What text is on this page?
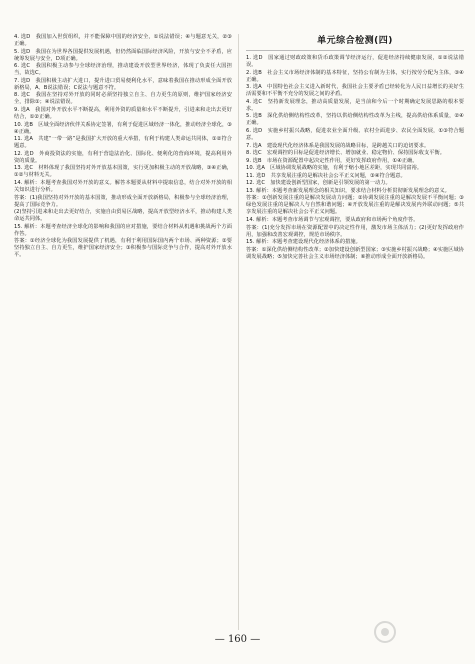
4. 选D　我国加入世贸组织，并不能保障中国的经济安全，①说法错误；④与题意无关，②③正确。

5. 选D　我国在为世界各国提供发展机遇，但仍然面临国际经济风险，开放与安全不矛盾，应统筹发展与安全，D项正确。

6. 选C　我国积极主动参与全球经济治理，推动建设开放型世界经济，体现了负责任大国担当，故选C。

7. 选D　我国积极主动扩大进口，提升进口贸易便利化水平，意味着我国在推动形成全面开放新格局，A、B说法错误；C说法与题意不符。

8. 选C　我国在坚持对外开放的同时必须坚持独立自主、自力更生的原则，维护国家经济安全，排除①；④说法错误。

9. 选A　我国对外开放水平不断提高，利用外资的质量和水平不断提升，引进来和走出去更好结合，①②正确。

10. 选B　区域全面经济伙伴关系协定签署，有利于促进区域经济一体化，推动经济全球化，③④正确。

11. 选A　共建“一带一路”是我国扩大开放的重大举措，有利于构建人类命运共同体，①②符合题意。

12. 选D　外商投资法的实施，有利于营造法治化、国际化、便利化的营商环境，提高利用外资的质量。

13. 选C　材料体现了我国坚持对外开放基本国策，实行更加积极主动的开放战略，③④正确，①②与材料无关。

14. 解析：本题考查我国对外开放的意义。解答本题要从材料中提取信息，结合对外开放的相关知识进行分析。

答案：(1)我国坚持对外开放的基本国策，推动形成全面开放新格局，积极参与全球经济治理，提高了国际竞争力。

(2)坚持引进来和走出去更好结合，实施自由贸易区战略，提高开放型经济水平，推动构建人类命运共同体。

15. 解析：本题考查经济全球化的影响和我国的应对措施，要结合材料从机遇和挑战两个方面作答。

答案：①经济全球化为我国发展提供了机遇，有利于利用国际国内两个市场、两种资源；②要坚持独立自主、自力更生，维护国家经济安全；③积极参与国际竞争与合作，提高对外开放水平。

单元综合检测(四)

1. 选D　国家通过财政政策和货币政策调节经济运行，促进经济持续健康发展，①②说法错误。

2. 选B　社会主义市场经济体制的基本特征，坚持公有制为主体，实行按劳分配为主体，③④正确。

3. 选A　中国特色社会主义进入新时代，我国社会主要矛盾已经转化为人民日益增长的美好生活需要和不平衡不充分的发展之间的矛盾。

4. 选C　坚持新发展理念，推动高质量发展，是当前和今后一个时期确定发展思路的根本要求。

5. 选B　深化供给侧结构性改革，坚持以供给侧结构性改革为主线，提高供给体系质量，②④正确。

6. 选D　实施乡村振兴战略，促进农业全面升级、农村全面进步、农民全面发展，①③符合题意。

7. 选A　建设现代化经济体系是我国发展的战略目标，是跨越关口的迫切要求。

8. 选C　宏观调控的目标是促进经济增长、增加就业、稳定物价、保持国际收支平衡。

9. 选B　市场在资源配置中起决定性作用，更好发挥政府作用，①④正确。

10. 选A　区域协调发展战略的实施，有利于缩小地区差距，实现共同富裕。

11. 选D　共享发展注重的是解决社会公平正义问题，③④符合题意。

12. 选C　加快建设创新型国家，创新是引领发展的第一动力。

13. 解析：本题考查新发展理念的相关知识，要求结合材料分析贯彻新发展理念的意义。

答案：①创新发展注重的是解决发展动力问题；②协调发展注重的是解决发展不平衡问题；③绿色发展注重的是解决人与自然和谐问题；④开放发展注重的是解决发展内外联动问题；⑤共享发展注重的是解决社会公平正义问题。

14. 解析：本题考查市场调节与宏观调控，要从政府和市场两个角度作答。

答案：(1)充分发挥市场在资源配置中的决定性作用，激发市场主体活力；(2)更好发挥政府作用，加强和改善宏观调控，规范市场秩序。

15. 解析：本题考查建设现代化经济体系的措施。

答案：①深化供给侧结构性改革；②加快建设创新型国家；③实施乡村振兴战略；④实施区域协调发展战略；⑤加快完善社会主义市场经济体制；⑥推动形成全面开放新格局。

— 160 —
